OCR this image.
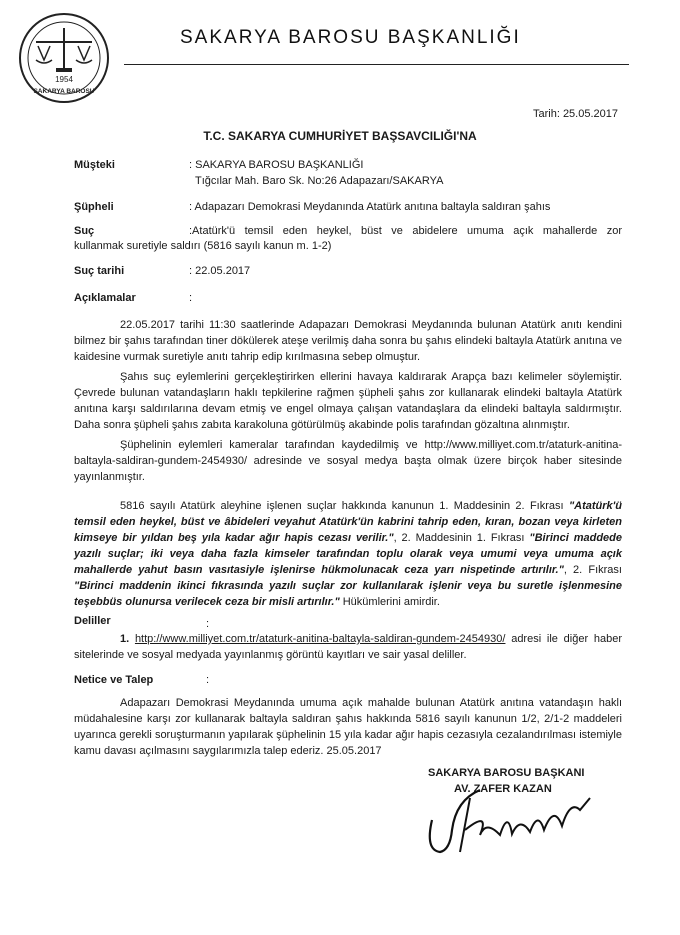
1954
SAKARYA BAROSU
SAKARYA BAROSU BAŞKANLIĞI
Tarih: 25.05.2017
T.C. SAKARYA CUMHURİYET BAŞSAVCILIĞI'NA
Müşteki	: SAKARYA BAROSU BAŞKANLIĞI
Tığcılar Mah. Baro Sk. No:26 Adapazarı/SAKARYA
Şüpheli	: Adapazarı Demokrasi Meydanında Atatürk anıtına baltayla saldıran şahıs
Suç	:Atatürk'ü temsil eden heykel, büst ve abidelere umuma açık mahallerde zor
kullanmak suretiyle saldırı (5816 sayılı kanun m. 1-2)
Suç tarihi	: 22.05.2017
Açıklamalar	:
22.05.2017 tarihi 11:30 saatlerinde Adapazarı Demokrasi Meydanında bulunan Atatürk anıtı kendini bilmez bir şahıs tarafından tiner dökülerek ateşe verilmiş daha sonra bu şahıs elindeki baltayla Atatürk anıtına ve kaidesine vurmak suretiyle anıtı tahrip edip kırılmasına sebep olmuştur.
Şahıs suç eylemlerini gerçekleştirirken ellerini havaya kaldırarak Arapça bazı kelimeler söylemiştir. Çevrede bulunan vatandaşların haklı tepkilerine rağmen şüpheli şahıs zor kullanarak elindeki baltayla Atatürk anıtına karşı saldırılarına devam etmiş ve engel olmaya çalışan vatandaşlara da elindeki baltayla saldırmıştır. Daha sonra şüpheli şahıs zabıta karakoluna götürülmüş akabinde polis tarafından gözaltına alınmıştır.
Şüphelinin eylemleri kameralar tarafından kaydedilmiş ve http://www.milliyet.com.tr/ataturk-anitina-baltayla-saldiran-gundem-2454930/ adresinde ve sosyal medya başta olmak üzere birçok haber sitesinde yayınlanmıştır.
5816 sayılı Atatürk aleyhine işlenen suçlar hakkında kanunun 1. Maddesinin 2. Fıkrası "Atatürk'ü temsil eden heykel, büst ve âbideleri veyahut Atatürk'ün kabrini tahrip eden, kıran, bozan veya kirleten kimseye bir yıldan beş yıla kadar ağır hapis cezası verilir.", 2. Maddesinin 1. Fıkrası "Birinci maddede yazılı suçlar; iki veya daha fazla kimseler tarafından toplu olarak veya umumi veya umuma açık mahallerde yahut basın vasıtasiyle işlenirse hükmolunacak ceza yarı nispetinde artırılır.", 2. Fıkrası "Birinci maddenin ikinci fıkrasında yazılı suçlar zor kullanılarak işlenir veya bu suretle işlenmesine teşebbüs olunursa verilecek ceza bir misli artırılır." Hükümlerini amirdir.
Deliller	:
1. http://www.milliyet.com.tr/ataturk-anitina-baltayla-saldiran-gundem-2454930/ adresi ile diğer haber sitelerinde ve sosyal medyada yayınlanmış görüntü kayıtları ve sair yasal deliller.
Netice ve Talep	:
Adapazarı Demokrasi Meydanında umuma açık mahalde bulunan Atatürk anıtına vatandaşın haklı müdahalesine karşı zor kullanarak baltayla saldıran şahıs hakkında 5816 sayılı kanunun 1/2, 2/1-2 maddeleri uyarınca gerekli soruşturmanın yapılarak şüphelinin 15 yıla kadar ağır hapis cezasıyla cezalandırılması istemiyle kamu davası açılmasını saygılarımızla talep ederiz. 25.05.2017
SAKARYA BAROSU BAŞKANI
AV. ZAFER KAZAN
